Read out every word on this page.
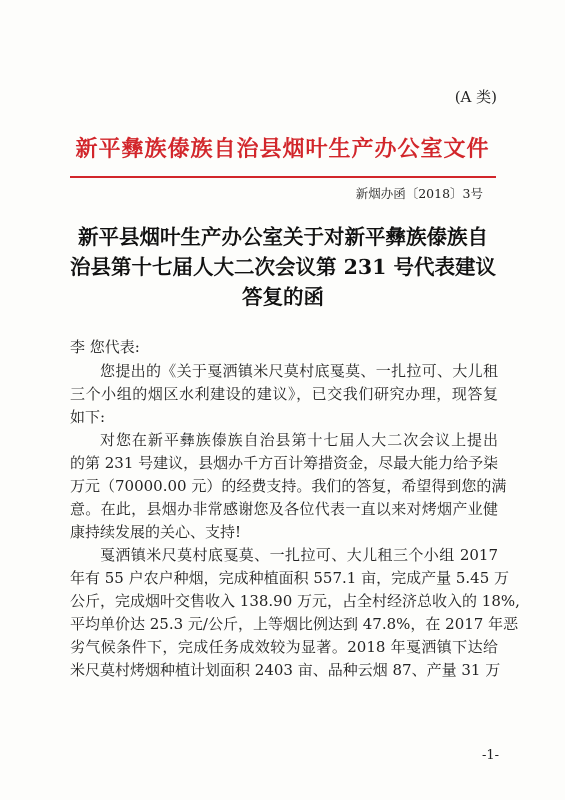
(A 类)
新平彝族傣族自治县烟叶生产办公室文件
新烟办函〔2018〕3号
新平县烟叶生产办公室关于对新平彝族傣族自
治县第十七届人大二次会议第 231 号代表建议
答复的函
李 您代表:

您提出的《关于戛洒镇米尺莫村底戛莫、一扎拉可、大儿租
三个小组的烟区水利建设的建议》，已交我们研究办理，现答复
如下:

对您在新平彝族傣族自治县第十七届人大二次会议上提出
的第 231 号建议，县烟办千方百计筹措资金，尽最大能力给予柒
万元（70000.00 元）的经费支持。我们的答复，希望得到您的满
意。在此，县烟办非常感谢您及各位代表一直以来对烤烟产业健
康持续发展的关心、支持!

戛洒镇米尺莫村底戛莫、一扎拉可、大儿租三个小组 2017
年有 55 户农户种烟，完成种植面积 557.1 亩，完成产量 5.45 万
公斤，完成烟叶交售收入 138.90 万元，占全村经济总收入的 18%,
平均单价达 25.3 元/公斤，上等烟比例达到 47.8%，在 2017 年恶
劣气候条件下，完成任务成效较为显著。2018 年戛洒镇下达给
米尺莫村烤烟种植计划面积 2403 亩、品种云烟 87、产量 31 万

-1-
